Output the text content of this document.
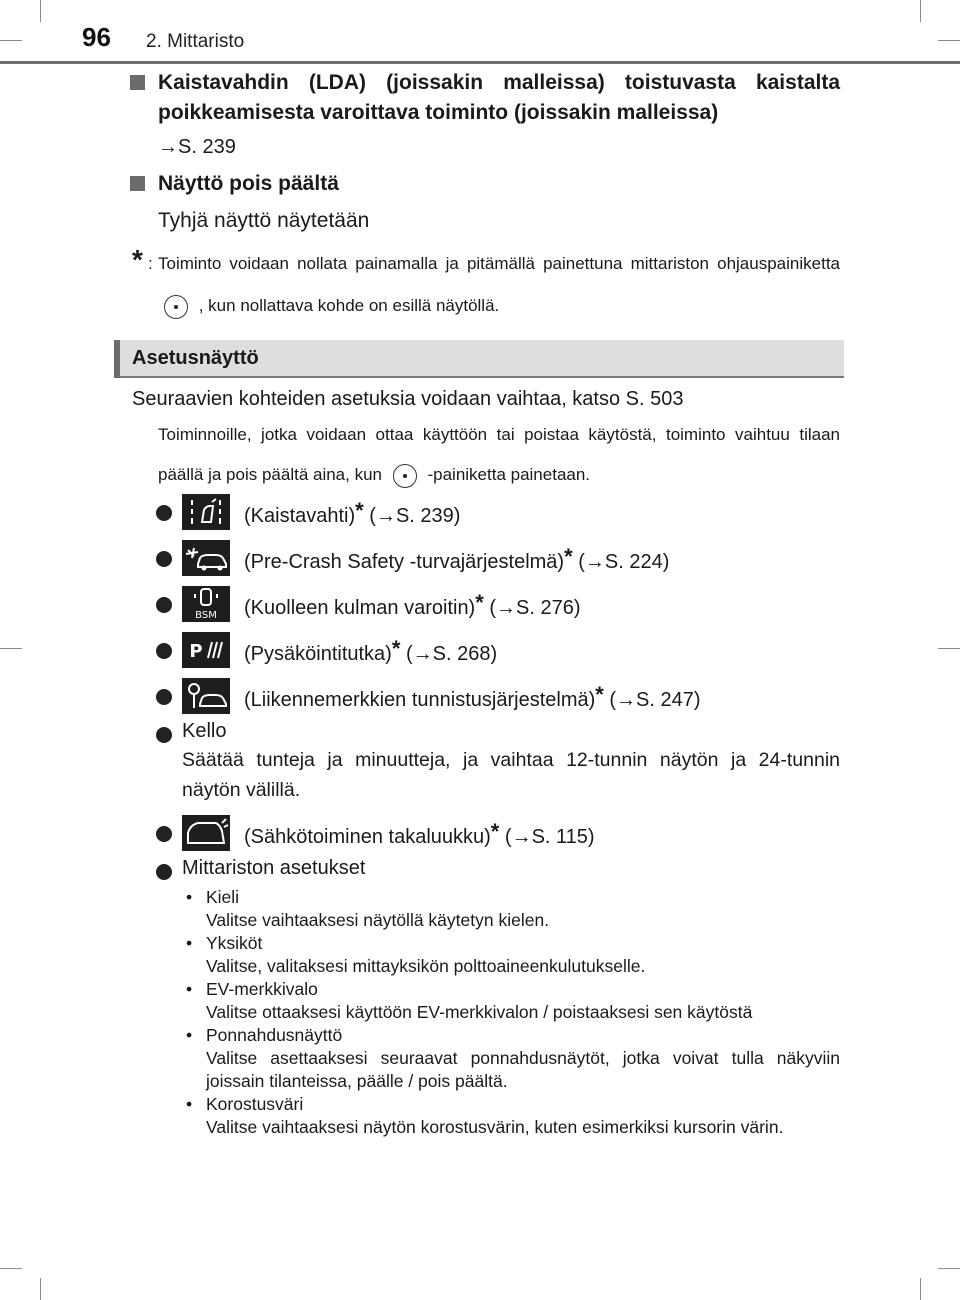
96 2. Mittaristo
Kaistavahdin (LDA) (joissakin malleissa) toistuvasta kaistalta poikkeamisesta varoittava toiminto (joissakin malleissa)
→S. 239
Näyttö pois päältä
Tyhjä näyttö näytetään
* : Toiminto voidaan nollata painamalla ja pitämällä painettuna mittariston ohjauspainiketta  , kun nollattava kohde on esillä näytöllä.
Asetusnäyttö
Seuraavien kohteiden asetuksia voidaan vaihtaa, katso S. 503
Toiminnoille, jotka voidaan ottaa käyttöön tai poistaa käytöstä, toiminto vaihtuu tilaan päällä ja pois päältä aina, kun	-painiketta painetaan.
(Kaistavahti)* (→S. 239)
(Pre-Crash Safety -turvajärjestelmä)* (→S. 224)
BSM (Kuolleen kulman varoitin)* (→S. 276)
P (Pysäköintitutka)* (→S. 268)
(Liikennemerkkien tunnistusjärjestelmä)* (→S. 247)
Kello
Säätää tunteja ja minuutteja, ja vaihtaa 12-tunnin näytön ja 24-tunnin näytön välillä.
(Sähkötoiminen takaluukku)* (→S. 115)
Mittariston asetukset
• Kieli
Valitse vaihtaaksesi näytöllä käytetyn kielen.
• Yksiköt
Valitse, valitaksesi mittayksikön polttoaineenkulutukselle.
• EV-merkkivalo
Valitse ottaaksesi käyttöön EV-merkkivalon / poistaaksesi sen käytöstä
• Ponnahdusnäyttö
Valitse asettaaksesi seuraavat ponnahdusnäytöt, jotka voivat tulla näkyviin joissain tilanteissa, päälle / pois päältä.
• Korostusväri
Valitse vaihtaaksesi näytön korostusvärin, kuten esimerkiksi kursorin värin.
